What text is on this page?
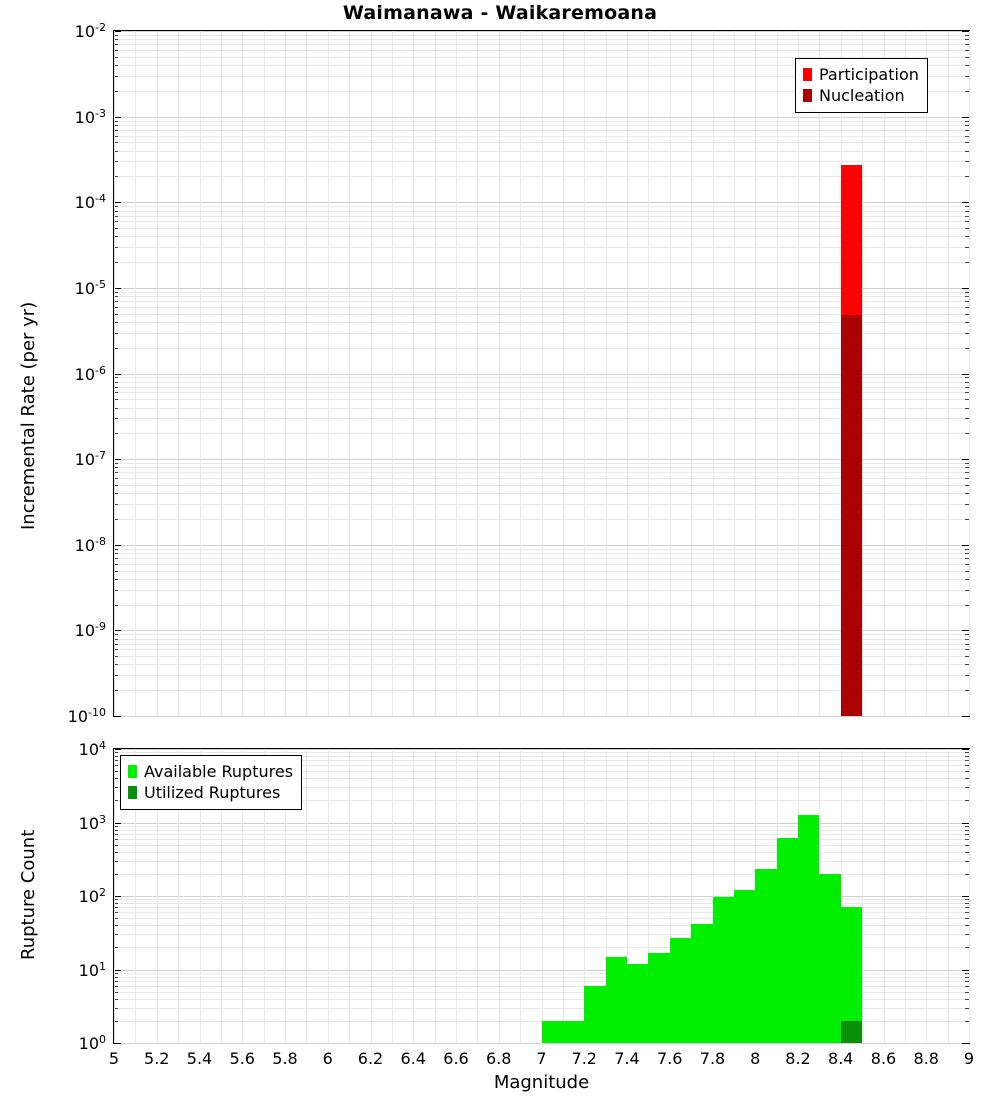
Waimanawa - Waikaremoana
$10^{-2}$
$10^{-3}$
$10^{-4}$
$10^{-5}$
$10^{-6}$
$10^{-7}$
$10^{-8}$
$10^{-9}$
$10^{-10}$
Incremental Rate (per yr)
Participation
Nucleation
$10^4$
$10^3$
$10^2$
$10^1$
$10^0$
5 5.2 5.4 5.6 5.8 6 6.2 6.4 6.6 6.8 7 7.2 7.4 7.6 7.8 8 8.2 8.4 8.6 8.8 9
Rupture Count
Available Ruptures
Utilized Ruptures
Magnitude
